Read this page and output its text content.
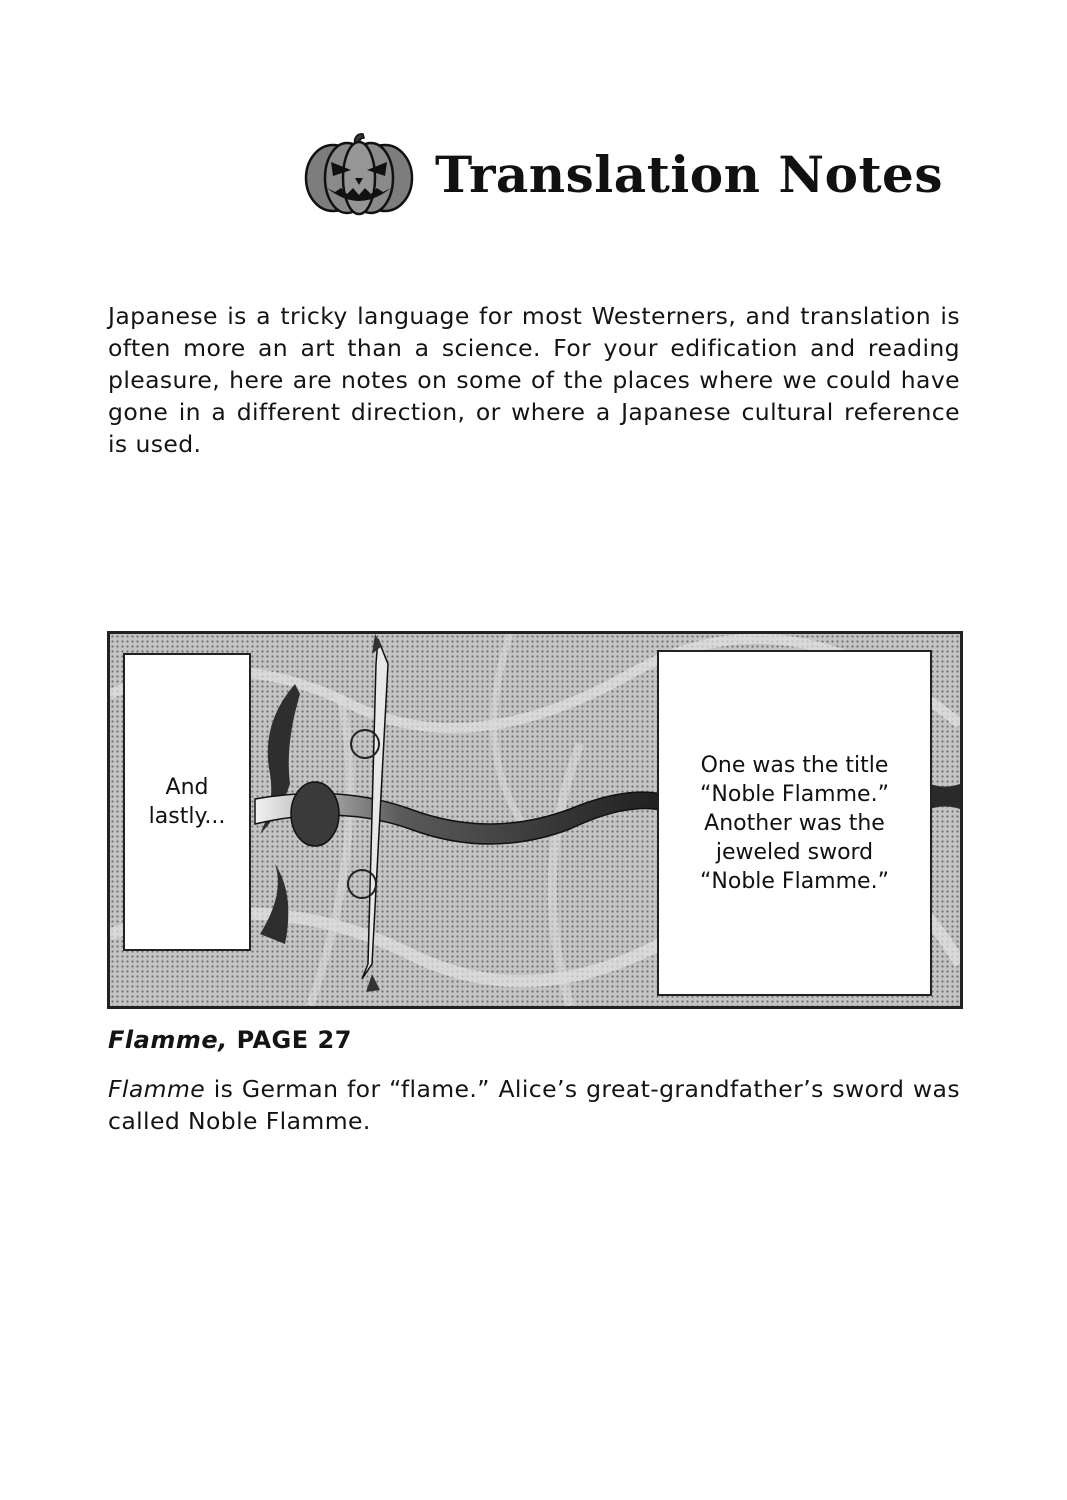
Translation Notes

Japanese is a tricky language for most Westerners, and translation is often more an art than a science. For your edification and reading pleasure, here are notes on some of the places where we could have gone in a different direction, or where a Japanese cultural reference is used.

And lastly...
One was the title “Noble Flamme.” Another was the jeweled sword “Noble Flamme.”
Flamme, PAGE 27

Flamme is German for “flame.” Alice’s great-grandfather’s sword was called Noble Flamme.
